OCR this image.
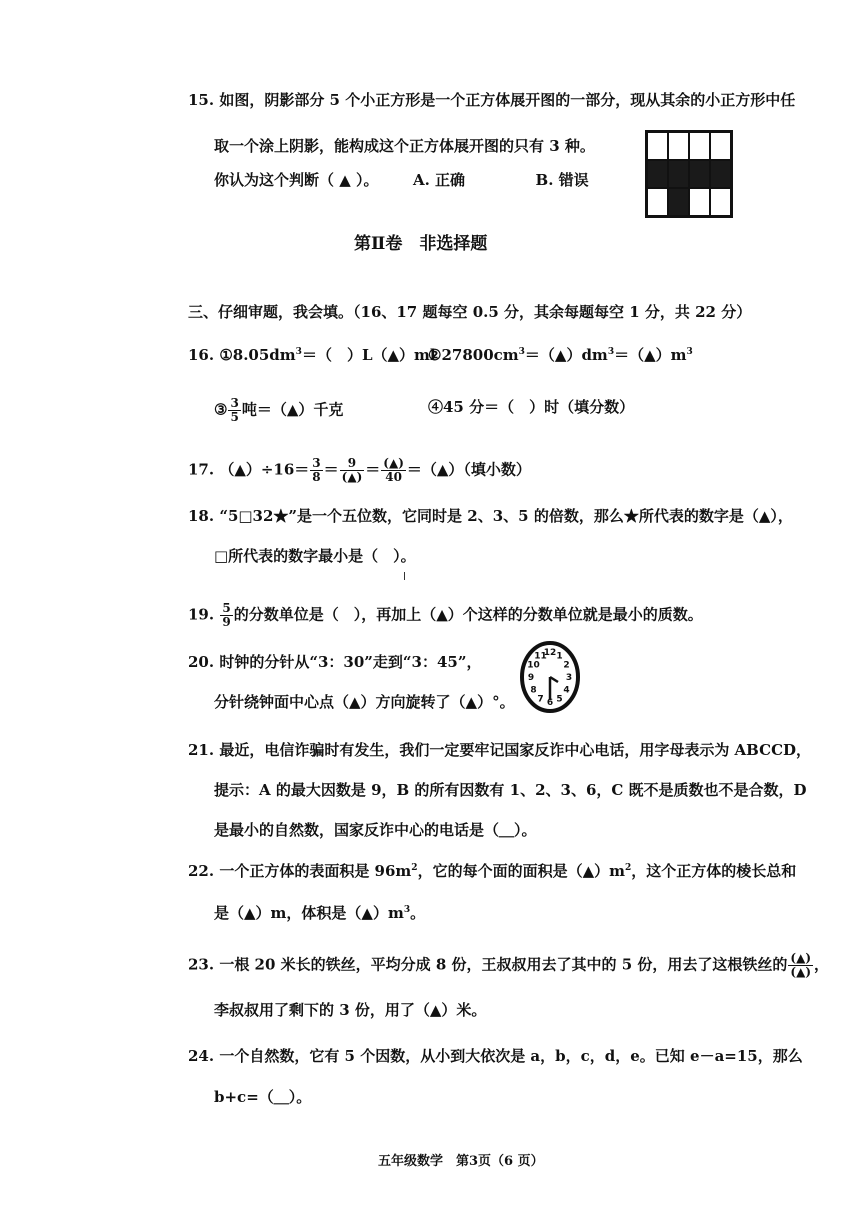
15. 如图，阴影部分 5 个小正方形是一个正方体展开图的一部分，现从其余的小正方形中任
取一个涂上阴影，能构成这个正方体展开图的只有 3 种。
你认为这个判断（ ▲ ）。 A. 正确	B. 错误
第Ⅱ卷　非选择题
三、仔细审题，我会填。（16、17 题每空 0.5 分，其余每题每空 1 分，共 22 分）
16. $①8.05dm^3=$（　）L（▲）ml
$②27800cm^3=(▲)dm^3=(▲)m^3$
③ $\frac{3}{5}$ 吨＝（▲）千克	④45 分＝（　）时（填分数）
17. （▲）÷16＝ $\frac{3}{8} = \frac{9}{(▲)} = \frac{(▲)}{40}$ ＝（▲）（填小数）
18. “5□32★”是一个五位数，它同时是 2、3、5 的倍数，那么★所代表的数字是（▲），
□所代表的数字最小是（　）。
19. $\frac{5}{9}$ 的分数单位是（　），再加上（▲）个这样的分数单位就是最小的质数。
20. 时钟的分针从“3：30”走到“3：45”，
分针绕钟面中心点（▲）方向旋转了（▲）°。
12 1
2
3
4
5
6
7
8
9
10
11
21. 最近，电信诈骗时有发生，我们一定要牢记国家反诈中心电话，用字母表示为 ABCCD，
提示：A 的最大因数是 9，B 的所有因数有 1、2、3、6，C 既不是质数也不是合数，D
是最小的自然数，国家反诈中心的电话是（＿）。
22. 一个正方体的表面积是 $96m^2$，它的每个面的面积是$(▲)m^2$，这个正方体的棱长总和
是（▲）m，体积是$(▲)m^3$。
23. 一根 20 米长的铁丝，平均分成 8 份，王叔叔用去了其中的 5 份，用去了这根铁丝的 $\frac{(▲)}{(▲)}$ ，
李叔叔用了剩下的 3 份，用了（▲）米。
24. 一个自然数，它有 5 个因数，从小到大依次是 a，b，c，d，e。已知 e－a=15，那么
b+c=（＿）。
五年级数学　第3页（6 页）
